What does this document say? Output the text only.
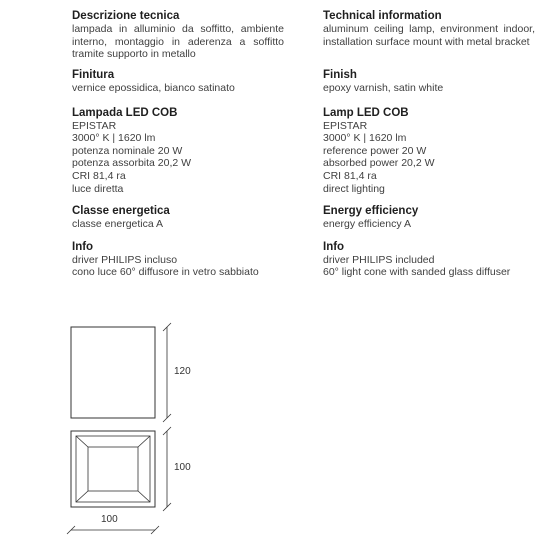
Descrizione tecnica

lampada in alluminio da soffitto, ambiente interno, montaggio in aderenza a soffitto tramite supporto in metallo

Finitura

vernice epossidica, bianco satinato

Lampada LED COB

EPISTAR

3000° K | 1620 lm

potenza nominale 20 W

potenza assorbita 20,2 W

CRI 81,4 ra

luce diretta

Classe energetica

classe energetica A

Info

driver PHILIPS incluso

cono luce 60° diffusore in vetro sabbiato

Technical information

aluminum ceiling lamp, environment indoor, installation surface mount with metal bracket

Finish

epoxy varnish, satin white

Lamp LED COB

EPISTAR

3000° K | 1620 lm

reference power 20 W

absorbed power 20,2 W

CRI 81,4 ra

direct lighting

Energy efficiency

energy efficiency A

Info

driver PHILIPS included

60° light cone with sanded glass diffuser

120
100
100
